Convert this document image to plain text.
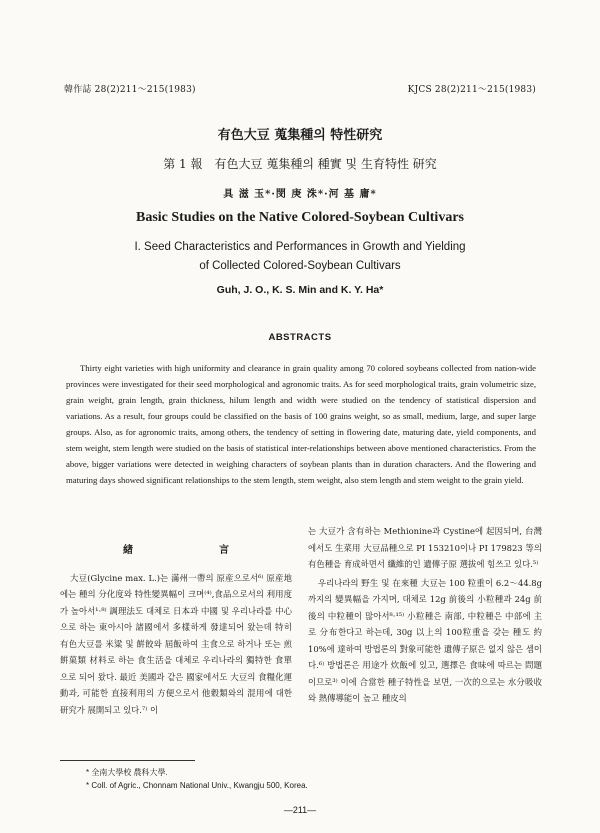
韓作誌 28(2)211～215(1983)	KJCS 28(2)211～215(1983)
有色大豆 蒐集種의 特性研究
第 1 報　有色大豆 蒐集種의 種實 및 生育特性 研究
具 滋 玉*·閔 庚 洙*·河 基 庸*
Basic Studies on the Native Colored-Soybean Cultivars
I. Seed Characteristics and Performances in Growth and Yielding
of Collected Colored-Soybean Cultivars
Guh, J. O., K. S. Min and K. Y. Ha*
ABSTRACTS
Thirty eight varieties with high uniformity and clearance in grain quality among 70 colored soybeans collected from nation-wide provinces were investigated for their seed morphological and agronomic traits. As for seed morphological traits, grain volumetric size, grain weight, grain length, grain thickness, hilum length and width were studied on the tendency of statistical dispersion and variations. As a result, four groups could be classified on the basis of 100 grains weight, so as small, medium, large, and super large groups. Also, as for agronomic traits, among others, the tendency of setting in flowering date, maturing date, yield components, and stem weight, stem length were studied on the basis of statistical inter-relationships between above mentioned characteristics. From the above, bigger variations were detected in weighing characters of soybean plants than in duration characters. And the flowering and maturing days showed significant relationships to the stem length, stem weight, also stem length and stem weight to the grain yield.
緖　　言

大豆(Glycine max. L.)는 滿州一帶의 原産으로서⁶⁾ 原産地에는 種의 分化度와 特性變異幅이 크며⁽⁴⁾,食品으로서의 利用度가 높아서¹·⁸⁾ 調理法도 대체로 日本과 中國 및 우리나라를 中心으로 하는 東아시아 諸國에서 多樣하게 發達되어 왔는데 特히 有色大豆를 米粱 및 餠餃와 屆飯하여 主食으로 하거나 또는 煎餠菓類 材料로 하는 食生活을 대체로 우리나라의 獨特한 食單으로 되어 왔다. 最近 美國과 같은 國家에서도 大豆의 食糧化運動과, 可能한 直接利用의 方便으로서 他穀類와의 混用에 대한 研究가 展開되고 있다.⁷⁾ 이

는 大豆가 含有하는 Methionine과 Cystine에 起因되며, 台灣에서도 生菜用 大豆品種으로 PI 153210이나 PI 179823 等의 有色種을 育成하면서 纖維的인 遺傳子原 選拔에 힘쓰고 있다.⁵⁾

우리나라의 野生 및 在來種 大豆는 100 粒重이 6.2～44.8g까지의 變異幅을 가지며, 대체로 12g 前後의 小粒種과 24g 前後의 中粒種이 많아서⁸·¹⁵⁾ 小粒種은 南部, 中粒種은 中部에 主로 分布한다고 하는데, 30g 以上의 100粒重을 갖는 種도 約 10%에 達하여 방법론의 對象可能한 遺傳子原은 없지 않은 셈이다.⁶⁾ 방법론은 用途가 炊飯에 있고, 選擇은 食味에 따르는 問題이므로³⁾ 이에 合當한 種子特性을 보면, 一次的으로는 水分吸收와 熱傳導能이 높고 種皮의

* 全南大學校 農科大學.
* Coll. of Agric., Chonnam National Univ., Kwangju 500, Korea.
—211—
